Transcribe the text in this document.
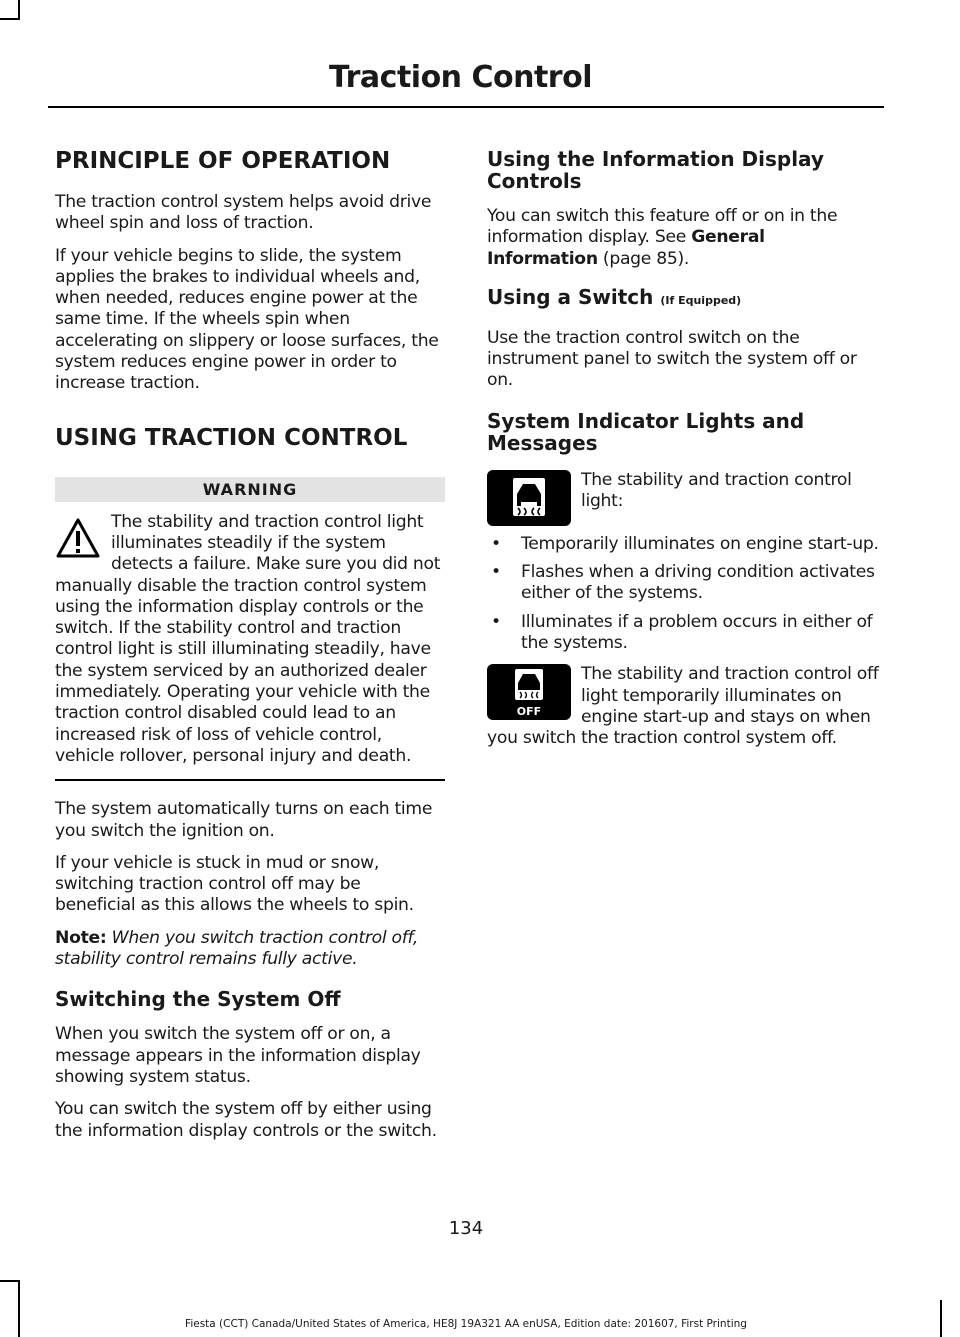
Traction Control
PRINCIPLE OF OPERATION

The traction control system helps avoid drive wheel spin and loss of traction.

If your vehicle begins to slide, the system applies the brakes to individual wheels and, when needed, reduces engine power at the same time. If the wheels spin when accelerating on slippery or loose surfaces, the system reduces engine power in order to increase traction.

USING TRACTION CONTROL
WARNING
The stability and traction control light illuminates steadily if the system detects a failure. Make sure you did not manually disable the traction control system using the information display controls or the switch. If the stability control and traction control light is still illuminating steadily, have the system serviced by an authorized dealer immediately. Operating your vehicle with the traction control disabled could lead to an increased risk of loss of vehicle control, vehicle rollover, personal injury and death.

The system automatically turns on each time you switch the ignition on.

If your vehicle is stuck in mud or snow, switching traction control off may be beneficial as this allows the wheels to spin.

Note: When you switch traction control off, stability control remains fully active.

Switching the System Off

When you switch the system off or on, a message appears in the information display showing system status.

You can switch the system off by either using the information display controls or the switch.

Using the Information Display Controls

You can switch this feature off or on in the information display. See General Information (page 85).

Using a Switch (If Equipped)

Use the traction control switch on the instrument panel to switch the system off or on.

System Indicator Lights and Messages

The stability and traction control light:

• Temporarily illuminates on engine start-up.
• Flashes when a driving condition activates either of the systems.
• Illuminates if a problem occurs in either of the systems.
OFF

The stability and traction control off light temporarily illuminates on engine start-up and stays on when you switch the traction control system off.

134
Fiesta (CCT) Canada/United States of America, HE8J 19A321 AA enUSA, Edition date: 201607, First Printing
